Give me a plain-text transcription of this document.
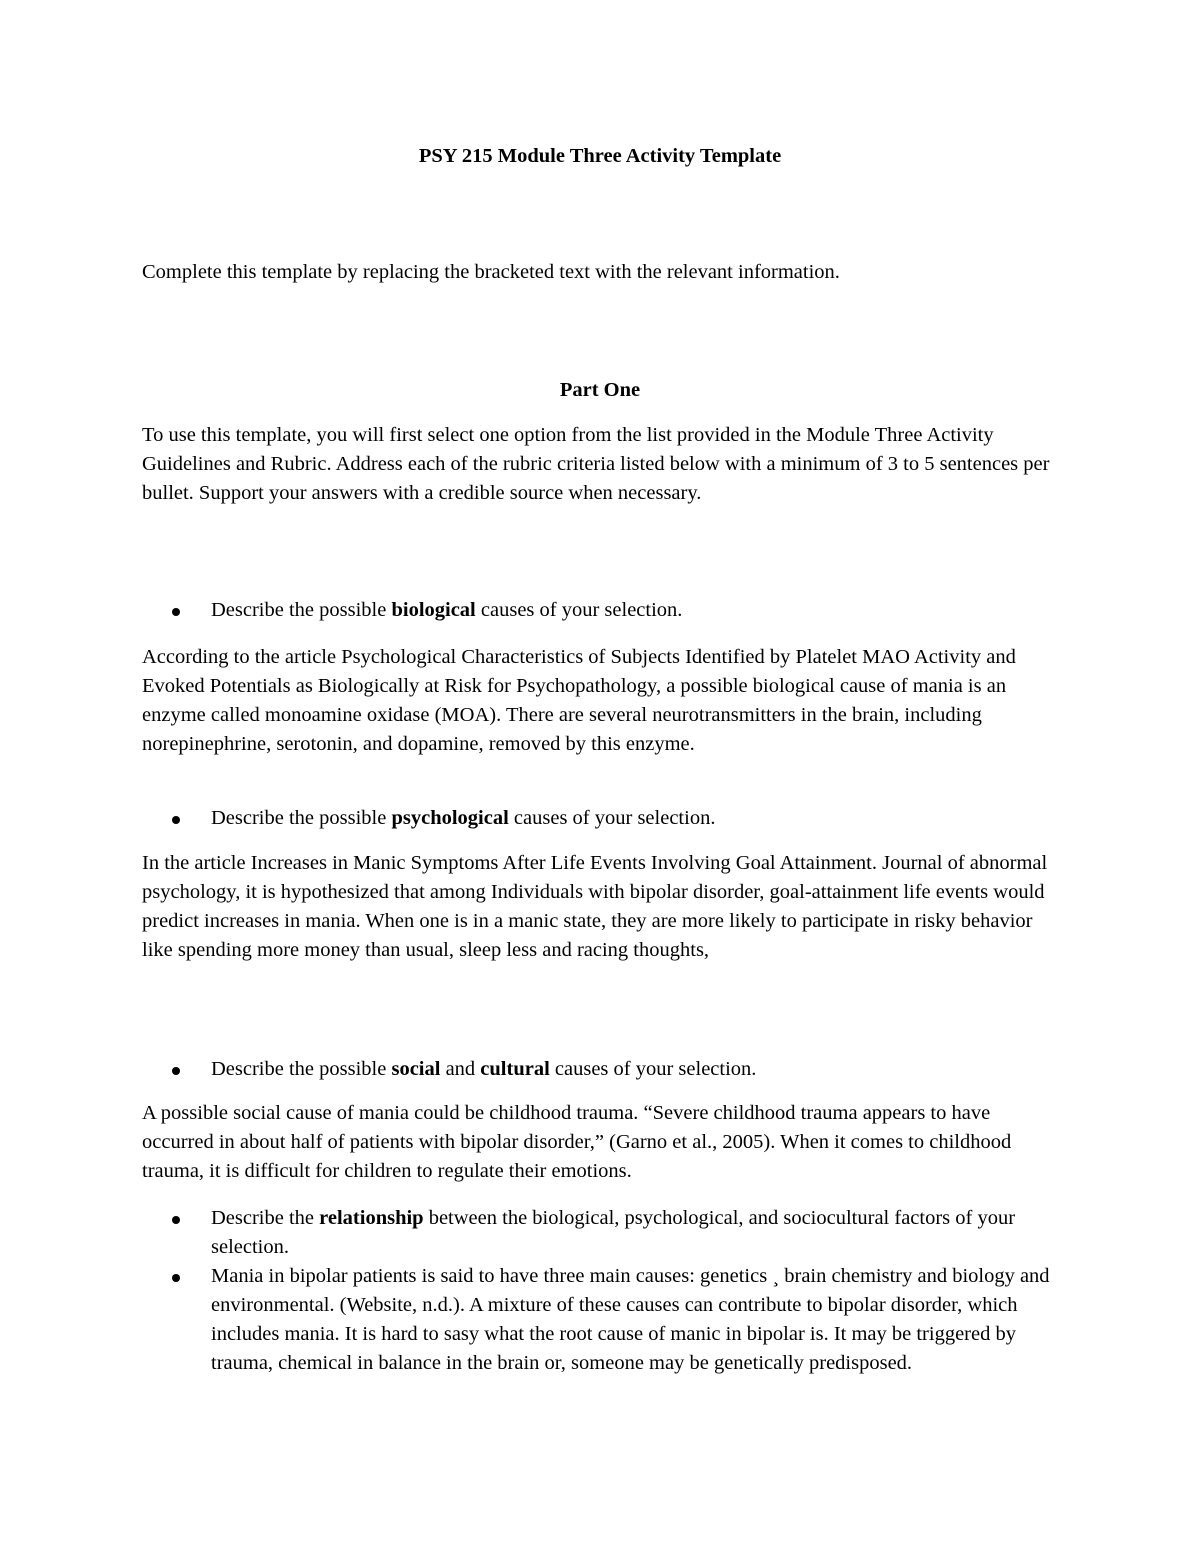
PSY 215 Module Three Activity Template

Complete this template by replacing the bracketed text with the relevant information.

Part One

To use this template, you will first select one option from the list provided in the Module Three Activity Guidelines and Rubric. Address each of the rubric criteria listed below with a minimum of 3 to 5 sentences per bullet. Support your answers with a credible source when necessary.

Describe the possible biological causes of your selection.

According to the article Psychological Characteristics of Subjects Identified by Platelet MAO Activity and Evoked Potentials as Biologically at Risk for Psychopathology, a possible biological cause of mania is an enzyme called monoamine oxidase (MOA). There are several neurotransmitters in the brain, including norepinephrine, serotonin, and dopamine, removed by this enzyme.

Describe the possible psychological causes of your selection.

In the article Increases in Manic Symptoms After Life Events Involving Goal Attainment. Journal of abnormal psychology, it is hypothesized that among Individuals with bipolar disorder, goal-attainment life events would predict increases in mania. When one is in a manic state, they are more likely to participate in risky behavior like spending more money than usual, sleep less and racing thoughts,

Describe the possible social and cultural causes of your selection.

A possible social cause of mania could be childhood trauma. “Severe childhood trauma appears to have occurred in about half of patients with bipolar disorder,” (Garno et al., 2005). When it comes to childhood trauma, it is difficult for children to regulate their emotions.

Describe the relationship between the biological, psychological, and sociocultural factors of your selection.
Mania in bipolar patients is said to have three main causes: genetics ¸ brain chemistry and biology and environmental. (Website, n.d.). A mixture of these causes can contribute to bipolar disorder, which includes mania. It is hard to sasy what the root cause of manic in bipolar is. It may be triggered by trauma, chemical in balance in the brain or, someone may be genetically predisposed.
